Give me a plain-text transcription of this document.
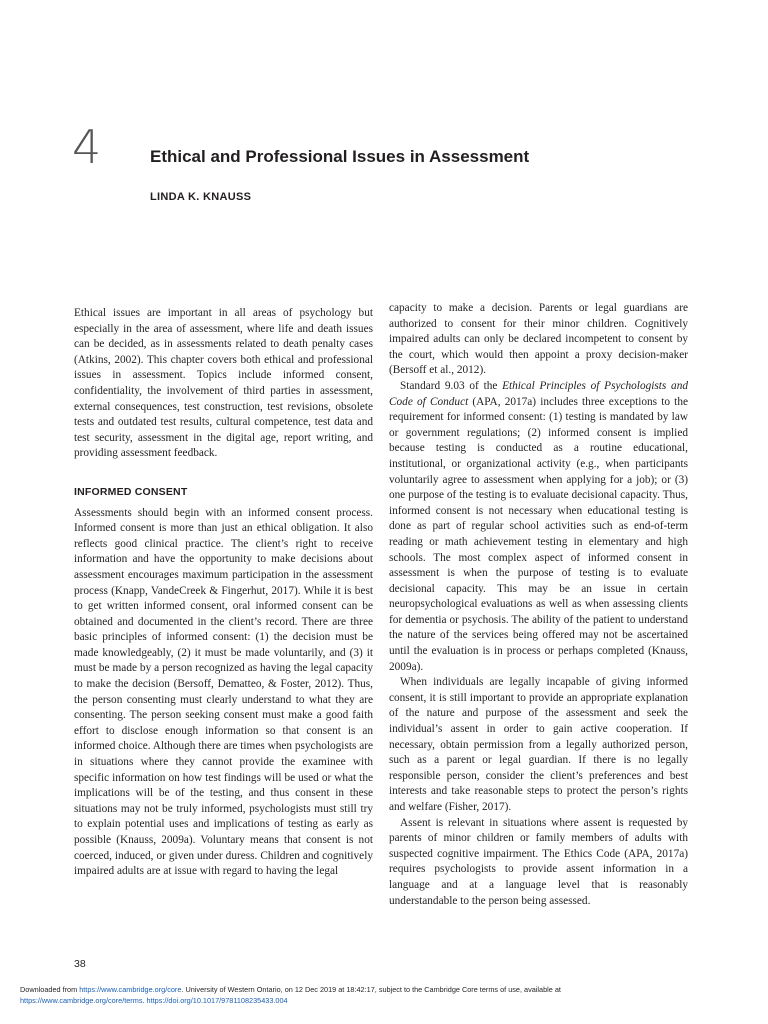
4	Ethical and Professional Issues in Assessment
LINDA K. KNAUSS

Ethical issues are important in all areas of psychology but especially in the area of assessment, where life and death issues can be decided, as in assessments related to death penalty cases (Atkins, 2002). This chapter covers both ethical and professional issues in assessment. Topics include informed consent, confidentiality, the involvement of third parties in assessment, external consequences, test construction, test revisions, obsolete tests and outdated test results, cultural competence, test data and test security, assessment in the digital age, report writing, and providing assessment feedback.

INFORMED CONSENT

Assessments should begin with an informed consent process. Informed consent is more than just an ethical obligation. It also reflects good clinical practice. The client’s right to receive information and have the opportunity to make decisions about assessment encourages maximum participation in the assessment process (Knapp, VandeCreek & Fingerhut, 2017). While it is best to get written informed consent, oral informed consent can be obtained and documented in the client’s record. There are three basic principles of informed consent: (1) the decision must be made knowledgeably, (2) it must be made voluntarily, and (3) it must be made by a person recognized as having the legal capacity to make the decision (Bersoff, Dematteo, & Foster, 2012). Thus, the person consenting must clearly understand to what they are consenting. The person seeking consent must make a good faith effort to disclose enough information so that consent is an informed choice. Although there are times when psychologists are in situations where they cannot provide the examinee with specific information on how test findings will be used or what the implications will be of the testing, and thus consent in these situations may not be truly informed, psychologists must still try to explain potential uses and implications of testing as early as possible (Knauss, 2009a). Voluntary means that consent is not coerced, induced, or given under duress. Children and cognitively impaired adults are at issue with regard to having the legal

capacity to make a decision. Parents or legal guardians are authorized to consent for their minor children. Cognitively impaired adults can only be declared incompetent to consent by the court, which would then appoint a proxy decision-maker (Bersoff et al., 2012).

Standard 9.03 of the Ethical Principles of Psychologists and Code of Conduct (APA, 2017a) includes three exceptions to the requirement for informed consent: (1) testing is mandated by law or government regulations; (2) informed consent is implied because testing is conducted as a routine educational, institutional, or organizational activity (e.g., when participants voluntarily agree to assessment when applying for a job); or (3) one purpose of the testing is to evaluate decisional capacity. Thus, informed consent is not necessary when educational testing is done as part of regular school activities such as end-of-term reading or math achievement testing in elementary and high schools. The most complex aspect of informed consent in assessment is when the purpose of testing is to evaluate decisional capacity. This may be an issue in certain neuropsychological evaluations as well as when assessing clients for dementia or psychosis. The ability of the patient to understand the nature of the services being offered may not be ascertained until the evaluation is in process or perhaps completed (Knauss, 2009a).

When individuals are legally incapable of giving informed consent, it is still important to provide an appropriate explanation of the nature and purpose of the assessment and seek the individual’s assent in order to gain active cooperation. If necessary, obtain permission from a legally authorized person, such as a parent or legal guardian. If there is no legally responsible person, consider the client’s preferences and best interests and take reasonable steps to protect the person’s rights and welfare (Fisher, 2017).

Assent is relevant in situations where assent is requested by parents of minor children or family members of adults with suspected cognitive impairment. The Ethics Code (APA, 2017a) requires psychologists to provide assent information in a language and at a language level that is reasonably understandable to the person being assessed.

38
Downloaded from https://www.cambridge.org/core. University of Western Ontario, on 12 Dec 2019 at 18:42:17, subject to the Cambridge Core terms of use, available at
https://www.cambridge.org/core/terms. https://doi.org/10.1017/9781108235433.004
